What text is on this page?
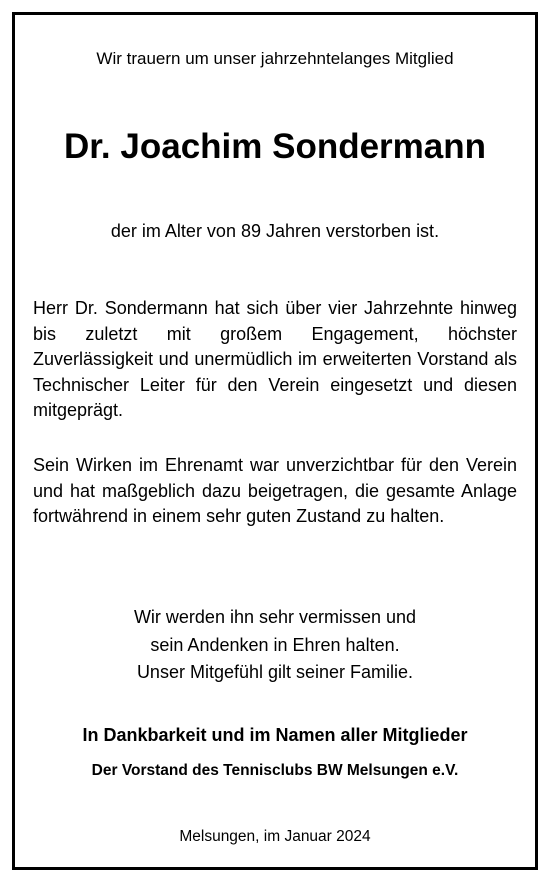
Wir trauern um unser jahrzehntelanges Mitglied
Dr. Joachim Sondermann
der im Alter von 89 Jahren verstorben ist.
Herr Dr. Sondermann hat sich über vier Jahrzehnte hinweg bis zuletzt mit großem Engagement, höchster Zuverlässigkeit und unermüdlich im erweiterten Vorstand als Technischer Leiter für den Verein eingesetzt und diesen mitgeprägt.
Sein Wirken im Ehrenamt war unverzichtbar für den Verein und hat maßgeblich dazu beigetragen, die gesamte Anlage fortwährend in einem sehr guten Zustand zu halten.
Wir werden ihn sehr vermissen und
sein Andenken in Ehren halten.
Unser Mitgefühl gilt seiner Familie.
In Dankbarkeit und im Namen aller Mitglieder
Der Vorstand des Tennisclubs BW Melsungen e.V.
Melsungen, im Januar 2024
